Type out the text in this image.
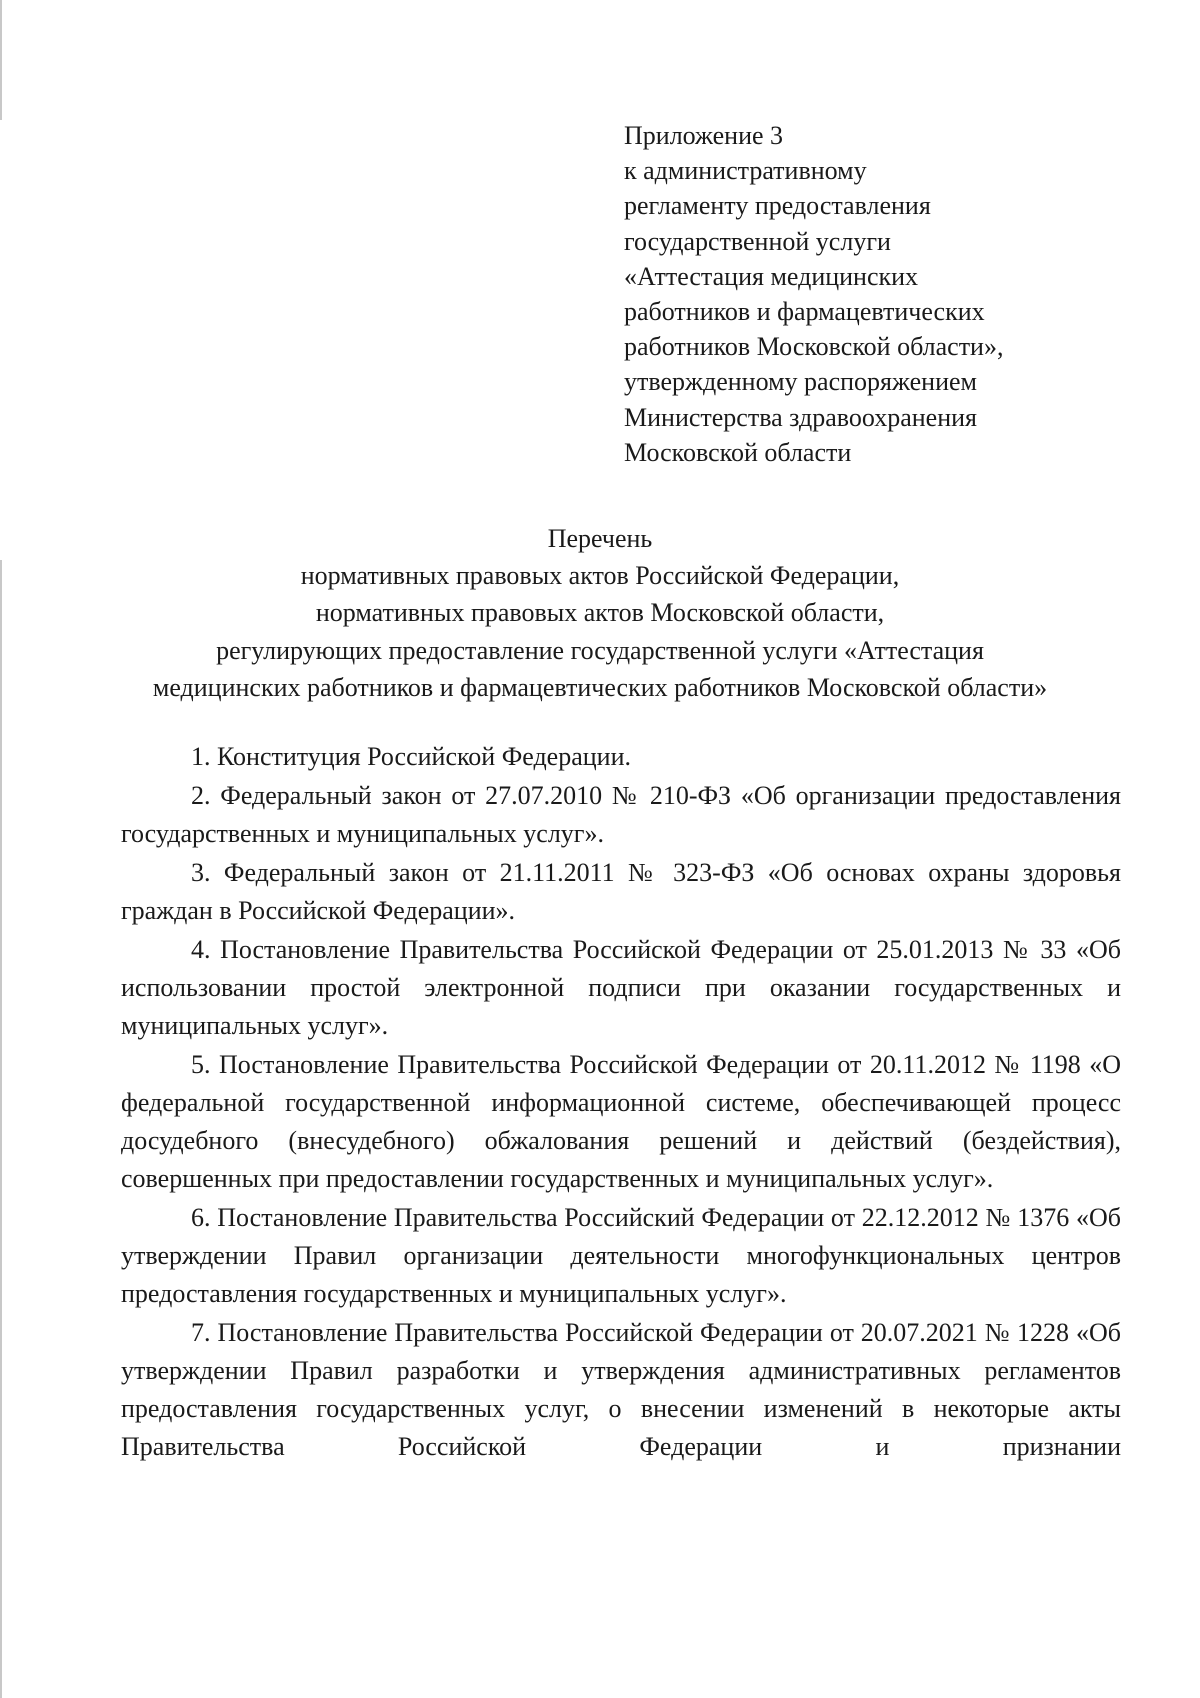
Приложение 3
к административному
регламенту предоставления
государственной услуги
«Аттестация медицинских
работников и фармацевтических
работников Московской области»,
утвержденному распоряжением
Министерства здравоохранения
Московской области
Перечень
нормативных правовых актов Российской Федерации,
нормативных правовых актов Московской области,
регулирующих предоставление государственной услуги «Аттестация
медицинских работников и фармацевтических работников Московской области»

1. Конституция Российской Федерации.

2. Федеральный закон от 27.07.2010 № 210-ФЗ «Об организации предоставления государственных и муниципальных услуг».

3. Федеральный закон от 21.11.2011 № 323-ФЗ «Об основах охраны здоровья граждан в Российской Федерации».

4. Постановление Правительства Российской Федерации от 25.01.2013 № 33 «Об использовании простой электронной подписи при оказании государственных и муниципальных услуг».

5. Постановление Правительства Российской Федерации от 20.11.2012 № 1198 «О федеральной государственной информационной системе, обеспечивающей процесс досудебного (внесудебного) обжалования решений и действий (бездействия), совершенных при предоставлении государственных и муниципальных услуг».

6. Постановление Правительства Российский Федерации от 22.12.2012 № 1376 «Об утверждении Правил организации деятельности многофункциональных центров предоставления государственных и муниципальных услуг».

7. Постановление Правительства Российской Федерации от 20.07.2021 № 1228 «Об утверждении Правил разработки и утверждения административных регламентов предоставления государственных услуг, о внесении изменений в некоторые акты Правительства Российской Федерации и признании
